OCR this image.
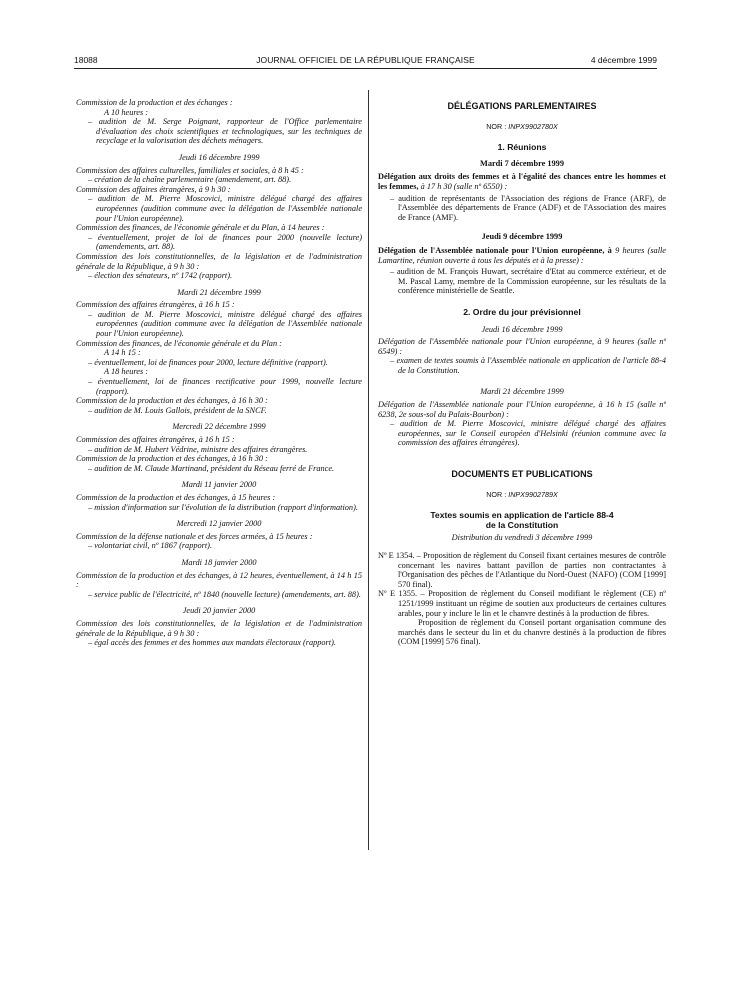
18088	JOURNAL OFFICIEL DE LA RÉPUBLIQUE FRANÇAISE	4 décembre 1999
Commission de la production et des échanges :
A 10 heures :
– audition de M. Serge Poignant, rapporteur de l'Office parlementaire d'évaluation des choix scientifiques et technologiques, sur les techniques de recyclage et la valorisation des déchets ménagers.
Jeudi 16 décembre 1999
Commission des affaires culturelles, familiales et sociales, à 8 h 45 :
– création de la chaîne parlementaire (amendement, art. 88).
Commission des affaires étrangères, à 9 h 30 :
– audition de M. Pierre Moscovici, ministre délégué chargé des affaires européennes (audition commune avec la délégation de l'Assemblée nationale pour l'Union européenne).
Commission des finances, de l'économie générale et du Plan, à 14 heures :
– éventuellement, projet de loi de finances pour 2000 (nouvelle lecture) (amendements, art. 88).
Commission des lois constitutionnelles, de la législation et de l'administration générale de la République, à 9 h 30 :
– élection des sénateurs, nº 1742 (rapport).
Mardi 21 décembre 1999
Commission des affaires étrangères, à 16 h 15 :
– audition de M. Pierre Moscovici, ministre délégué chargé des affaires européennes (audition commune avec la délégation de l'Assemblée nationale pour l'Union européenne).
Commission des finances, de l'économie générale et du Plan :
A 14 h 15 :
– éventuellement, loi de finances pour 2000, lecture définitive (rapport).
A 18 heures :
– éventuellement, loi de finances rectificative pour 1999, nouvelle lecture (rapport).
Commission de la production et des échanges, à 16 h 30 :
– audition de M. Louis Gallois, président de la SNCF.
Mercredi 22 décembre 1999
Commission des affaires étrangères, à 16 h 15 :
– audition de M. Hubert Védrine, ministre des affaires étrangères.
Commission de la production et des échanges, à 16 h 30 :
– audition de M. Claude Martinand, président du Réseau ferré de France.
Mardi 11 janvier 2000
Commission de la production et des échanges, à 15 heures :
– mission d'information sur l'évolution de la distribution (rapport d'information).
Mercredi 12 janvier 2000
Commission de la défense nationale et des forces armées, à 15 heures :
– volontariat civil, nº 1867 (rapport).
Mardi 18 janvier 2000
Commission de la production et des échanges, à 12 heures, éventuellement, à 14 h 15 :
– service public de l'électricité, nº 1840 (nouvelle lecture) (amendements, art. 88).
Jeudi 20 janvier 2000
Commission des lois constitutionnelles, de la législation et de l'administration générale de la République, à 9 h 30 :
– égal accès des femmes et des hommes aux mandats électoraux (rapport).
DÉLÉGATIONS PARLEMENTAIRES
NOR : INPX9902780X
1. Réunions
Mardi 7 décembre 1999
Délégation aux droits des femmes et à l'égalité des chances entre les hommes et les femmes, à 17 h 30 (salle nº 6550) :
– audition de représentants de l'Association des régions de France (ARF), de l'Assemblée des départements de France (ADF) et de l'Association des maires de France (AMF).
Jeudi 9 décembre 1999
Délégation de l'Assemblée nationale pour l'Union européenne, à 9 heures (salle Lamartine, réunion ouverte à tous les députés et à la presse) :
– audition de M. François Huwart, secrétaire d'Etat au commerce extérieur, et de M. Pascal Lamy, membre de la Commission européenne, sur les résultats de la conférence ministérielle de Seattle.
2. Ordre du jour prévisionnel
Jeudi 16 décembre 1999
Délégation de l'Assemblée nationale pour l'Union européenne, à 9 heures (salle nº 6549) :
– examen de textes soumis à l'Assemblée nationale en application de l'article 88-4 de la Constitution.
Mardi 21 décembre 1999
Délégation de l'Assemblée nationale pour l'Union européenne, à 16 h 15 (salle nº 6238, 2e sous-sol du Palais-Bourbon) :
– audition de M. Pierre Moscovici, ministre délégué chargé des affaires européennes, sur le Conseil européen d'Helsinki (réunion commune avec la commission des affaires étrangères).
DOCUMENTS ET PUBLICATIONS
NOR : INPX9902789X
Textes soumis en application de l'article 88-4
de la Constitution
Distribution du vendredi 3 décembre 1999
Nº E 1354. – Proposition de règlement du Conseil fixant certaines mesures de contrôle concernant les navires battant pavillon de parties non contractantes à l'Organisation des pêches de l'Atlantique du Nord-Ouest (NAFO) (COM [1999] 570 final).
Nº E 1355. – Proposition de règlement du Conseil modifiant le règlement (CE) nº 1251/1999 instituant un régime de soutien aux producteurs de certaines cultures arables, pour y inclure le lin et le chanvre destinés à la production de fibres.
Proposition de règlement du Conseil portant organisation commune des marchés dans le secteur du lin et du chanvre destinés à la production de fibres (COM [1999] 576 final).
